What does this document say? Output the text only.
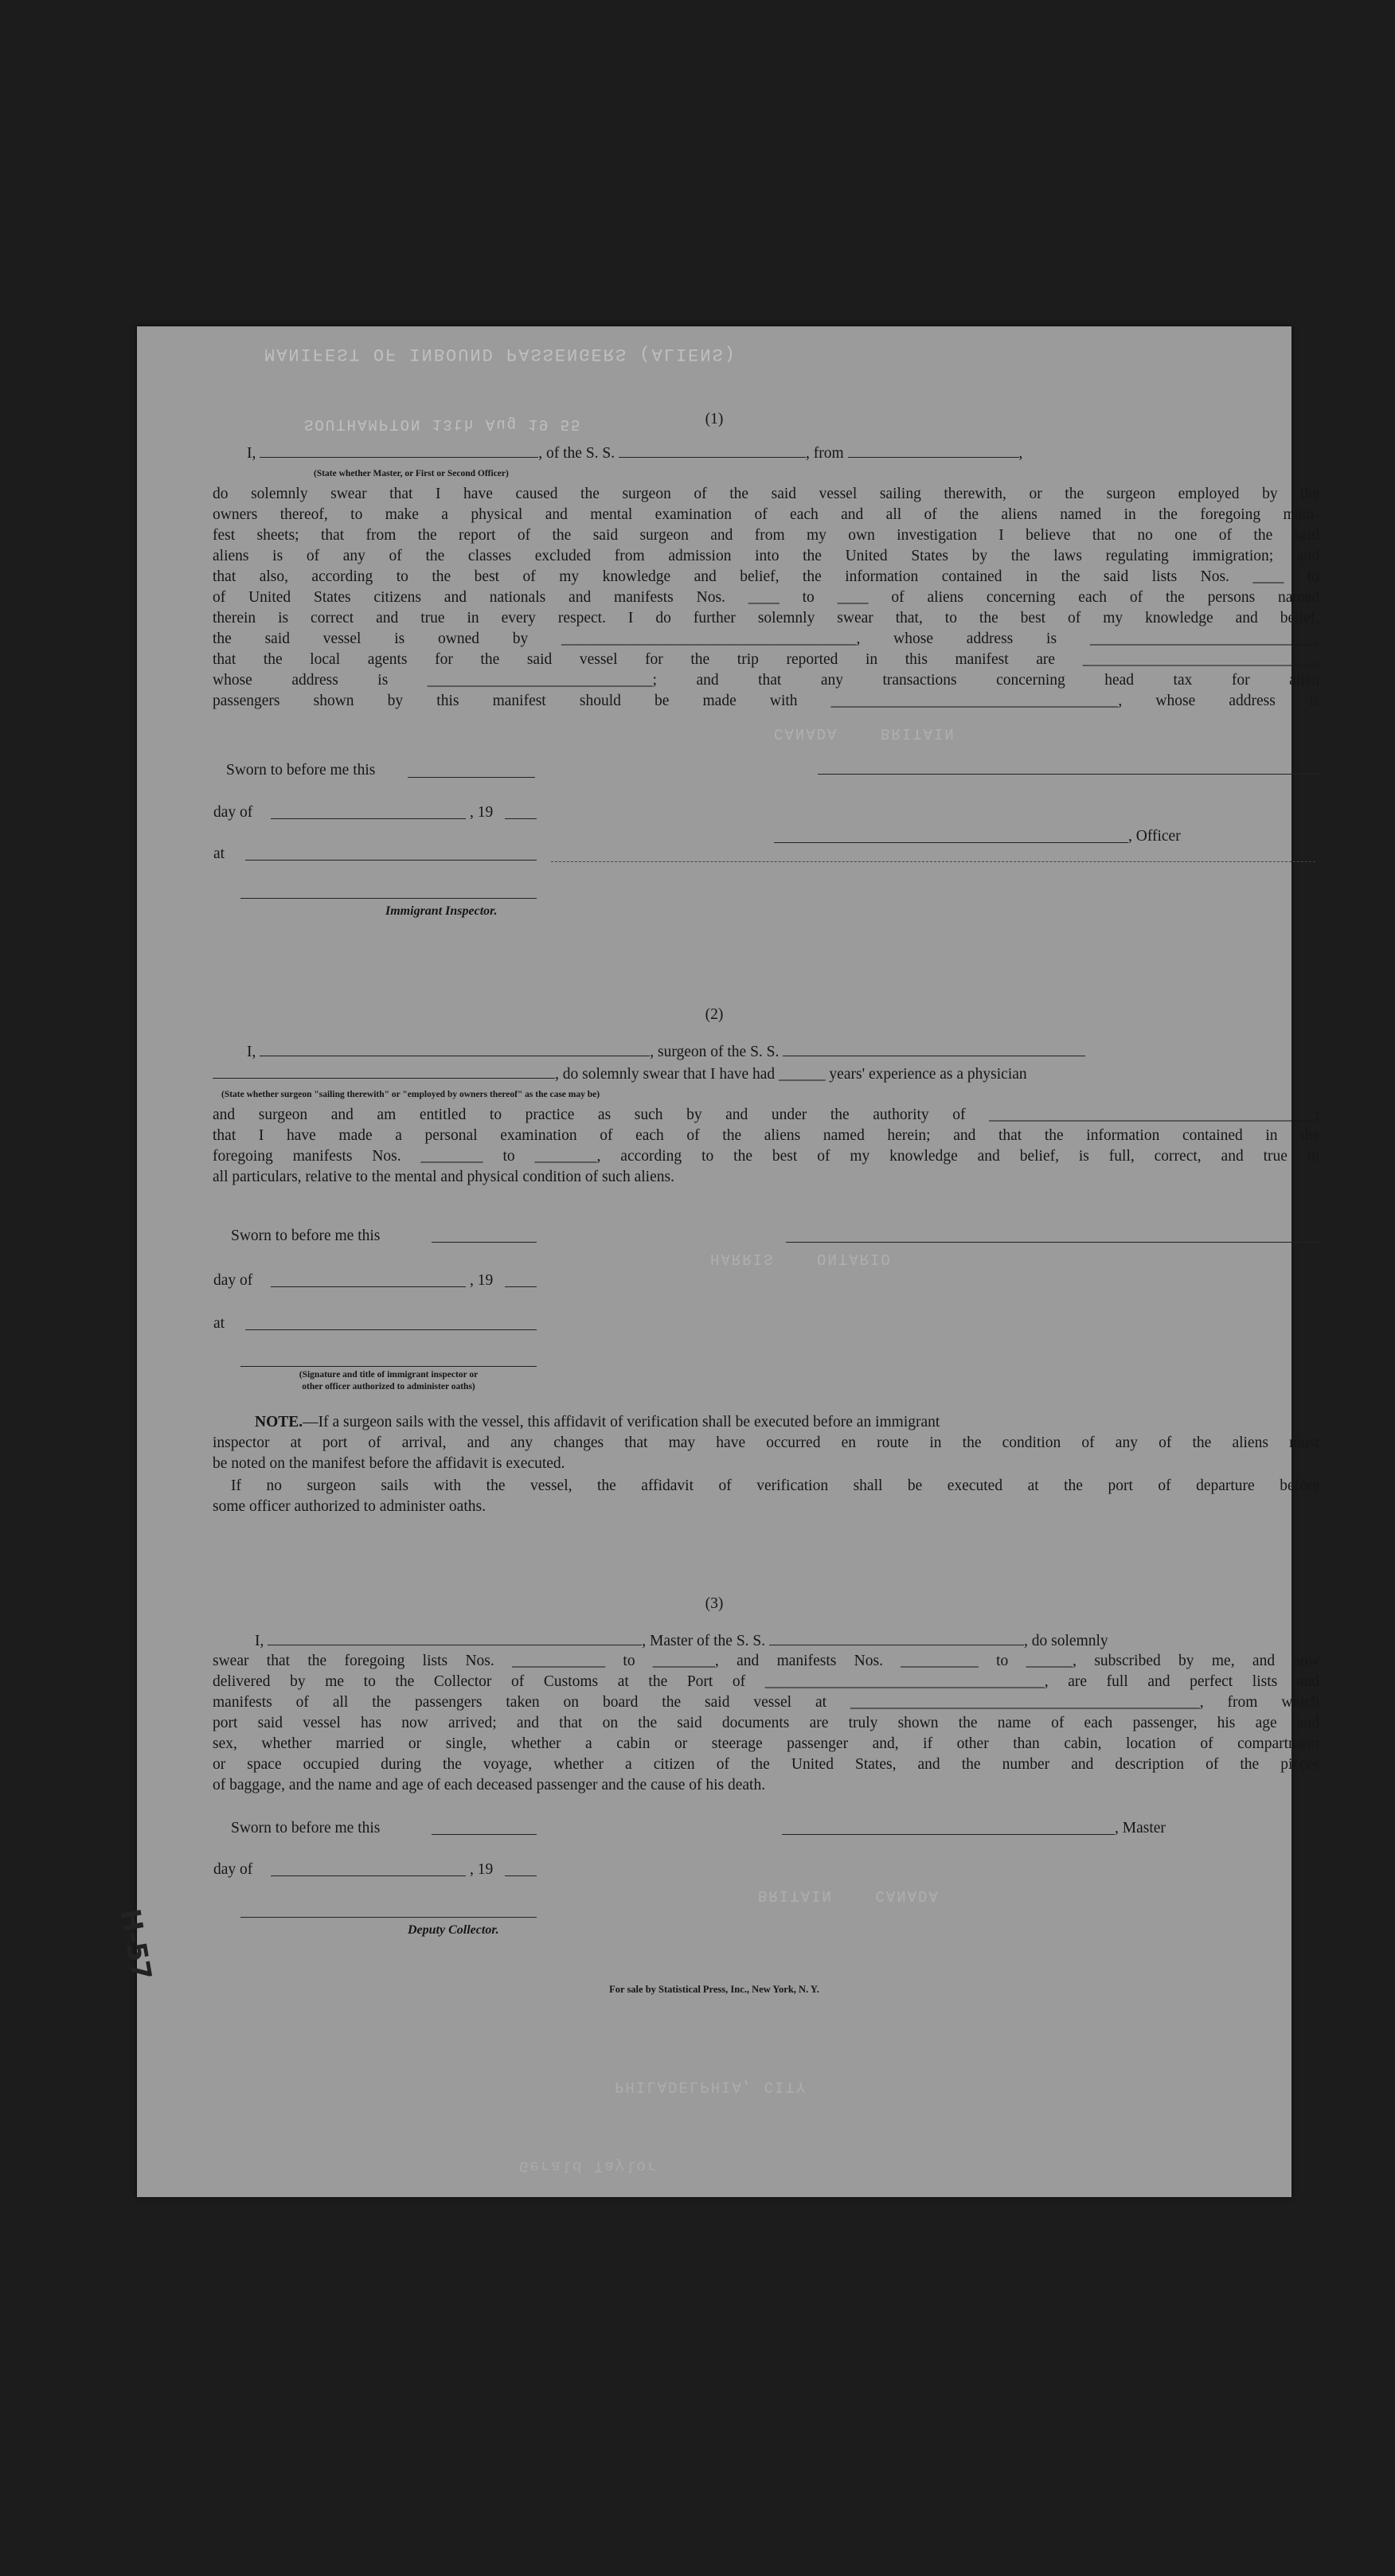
MANIFEST OF INBOUND PASSENGERS (ALIENS)
SOUTHAMPTON 13th Aug 19 55
CANADA    BRITAIN
HARRIS    ONTARIO
BRITAIN    CANADA
(1)
I,	, of the S. S.	, from	,
(State whether Master, or First or Second Officer)
do solemnly swear that I have caused the surgeon of the said vessel sailing therewith, or the surgeon employed by the
owners thereof, to make a physical and mental examination of each and all of the aliens named in the foregoing mani-
fest sheets; that from the report of the said surgeon and from my own investigation I believe that no one of the said
aliens is of any of the classes excluded from admission into the United States by the laws regulating immigration; and
that also, according to the best of my knowledge and belief, the information contained in the said lists Nos. ____ to
of United States citizens and nationals and manifests Nos. ____ to ____ of aliens concerning each of the persons named
therein is correct and true in every respect. I do further solemnly swear that, to the best of my knowledge and belief,
the said vessel is owned by ______________________________________, whose address is _____________________________;
that the local agents for the said vessel for the trip reported in this manifest are ______________________________,
whose address is _____________________________; and that any transactions concerning head tax for alien
passengers shown by this manifest should be made with _____________________________________, whose address is
Sworn to before me this
day of	, 19
, Officer
at
Immigrant Inspector.
(2)
I,	, surgeon of the S. S.
, do solemnly swear that I have had ______ years' experience as a physician
(State whether surgeon "sailing therewith" or "employed by owners thereof" as the case may be)
and surgeon and am entitled to practice as such by and under the authority of __________________________________________;
that I have made a personal examination of each of the aliens named herein; and that the information contained in the
foregoing manifests Nos. ________ to ________, according to the best of my knowledge and belief, is full, correct, and true in
all particulars, relative to the mental and physical condition of such aliens.
Sworn to before me this
day of	, 19
at
(Signature and title of immigrant inspector or
other officer authorized to administer oaths)
NOTE.—If a surgeon sails with the vessel, this affidavit of verification shall be executed before an immigrant
inspector at port of arrival, and any changes that may have occurred en route in the condition of any of the aliens must
be noted on the manifest before the affidavit is executed.
If no surgeon sails with the vessel, the affidavit of verification shall be executed at the port of departure before
some officer authorized to administer oaths.
(3)
I,	, Master of the S. S.	, do solemnly
swear that the foregoing lists Nos. ____________ to ________, and manifests Nos. __________ to ______, subscribed by me, and now
delivered by me to the Collector of Customs at the Port of ____________________________________, are full and perfect lists and
manifests of all the passengers taken on board the said vessel at _____________________________________________, from which
port said vessel has now arrived; and that on the said documents are truly shown the name of each passenger, his age and
sex, whether married or single, whether a cabin or steerage passenger and, if other than cabin, location of compartment
or space occupied during the voyage, whether a citizen of the United States, and the number and description of the pieces
of baggage, and the name and age of each deceased passenger and the cause of his death.
Sworn to before me this	, Master
day of	, 19
Deputy Collector.
H-57
For sale by Statistical Press, Inc., New York, N. Y.
PHILADELPHIA, CITY
Gerald Taylor
